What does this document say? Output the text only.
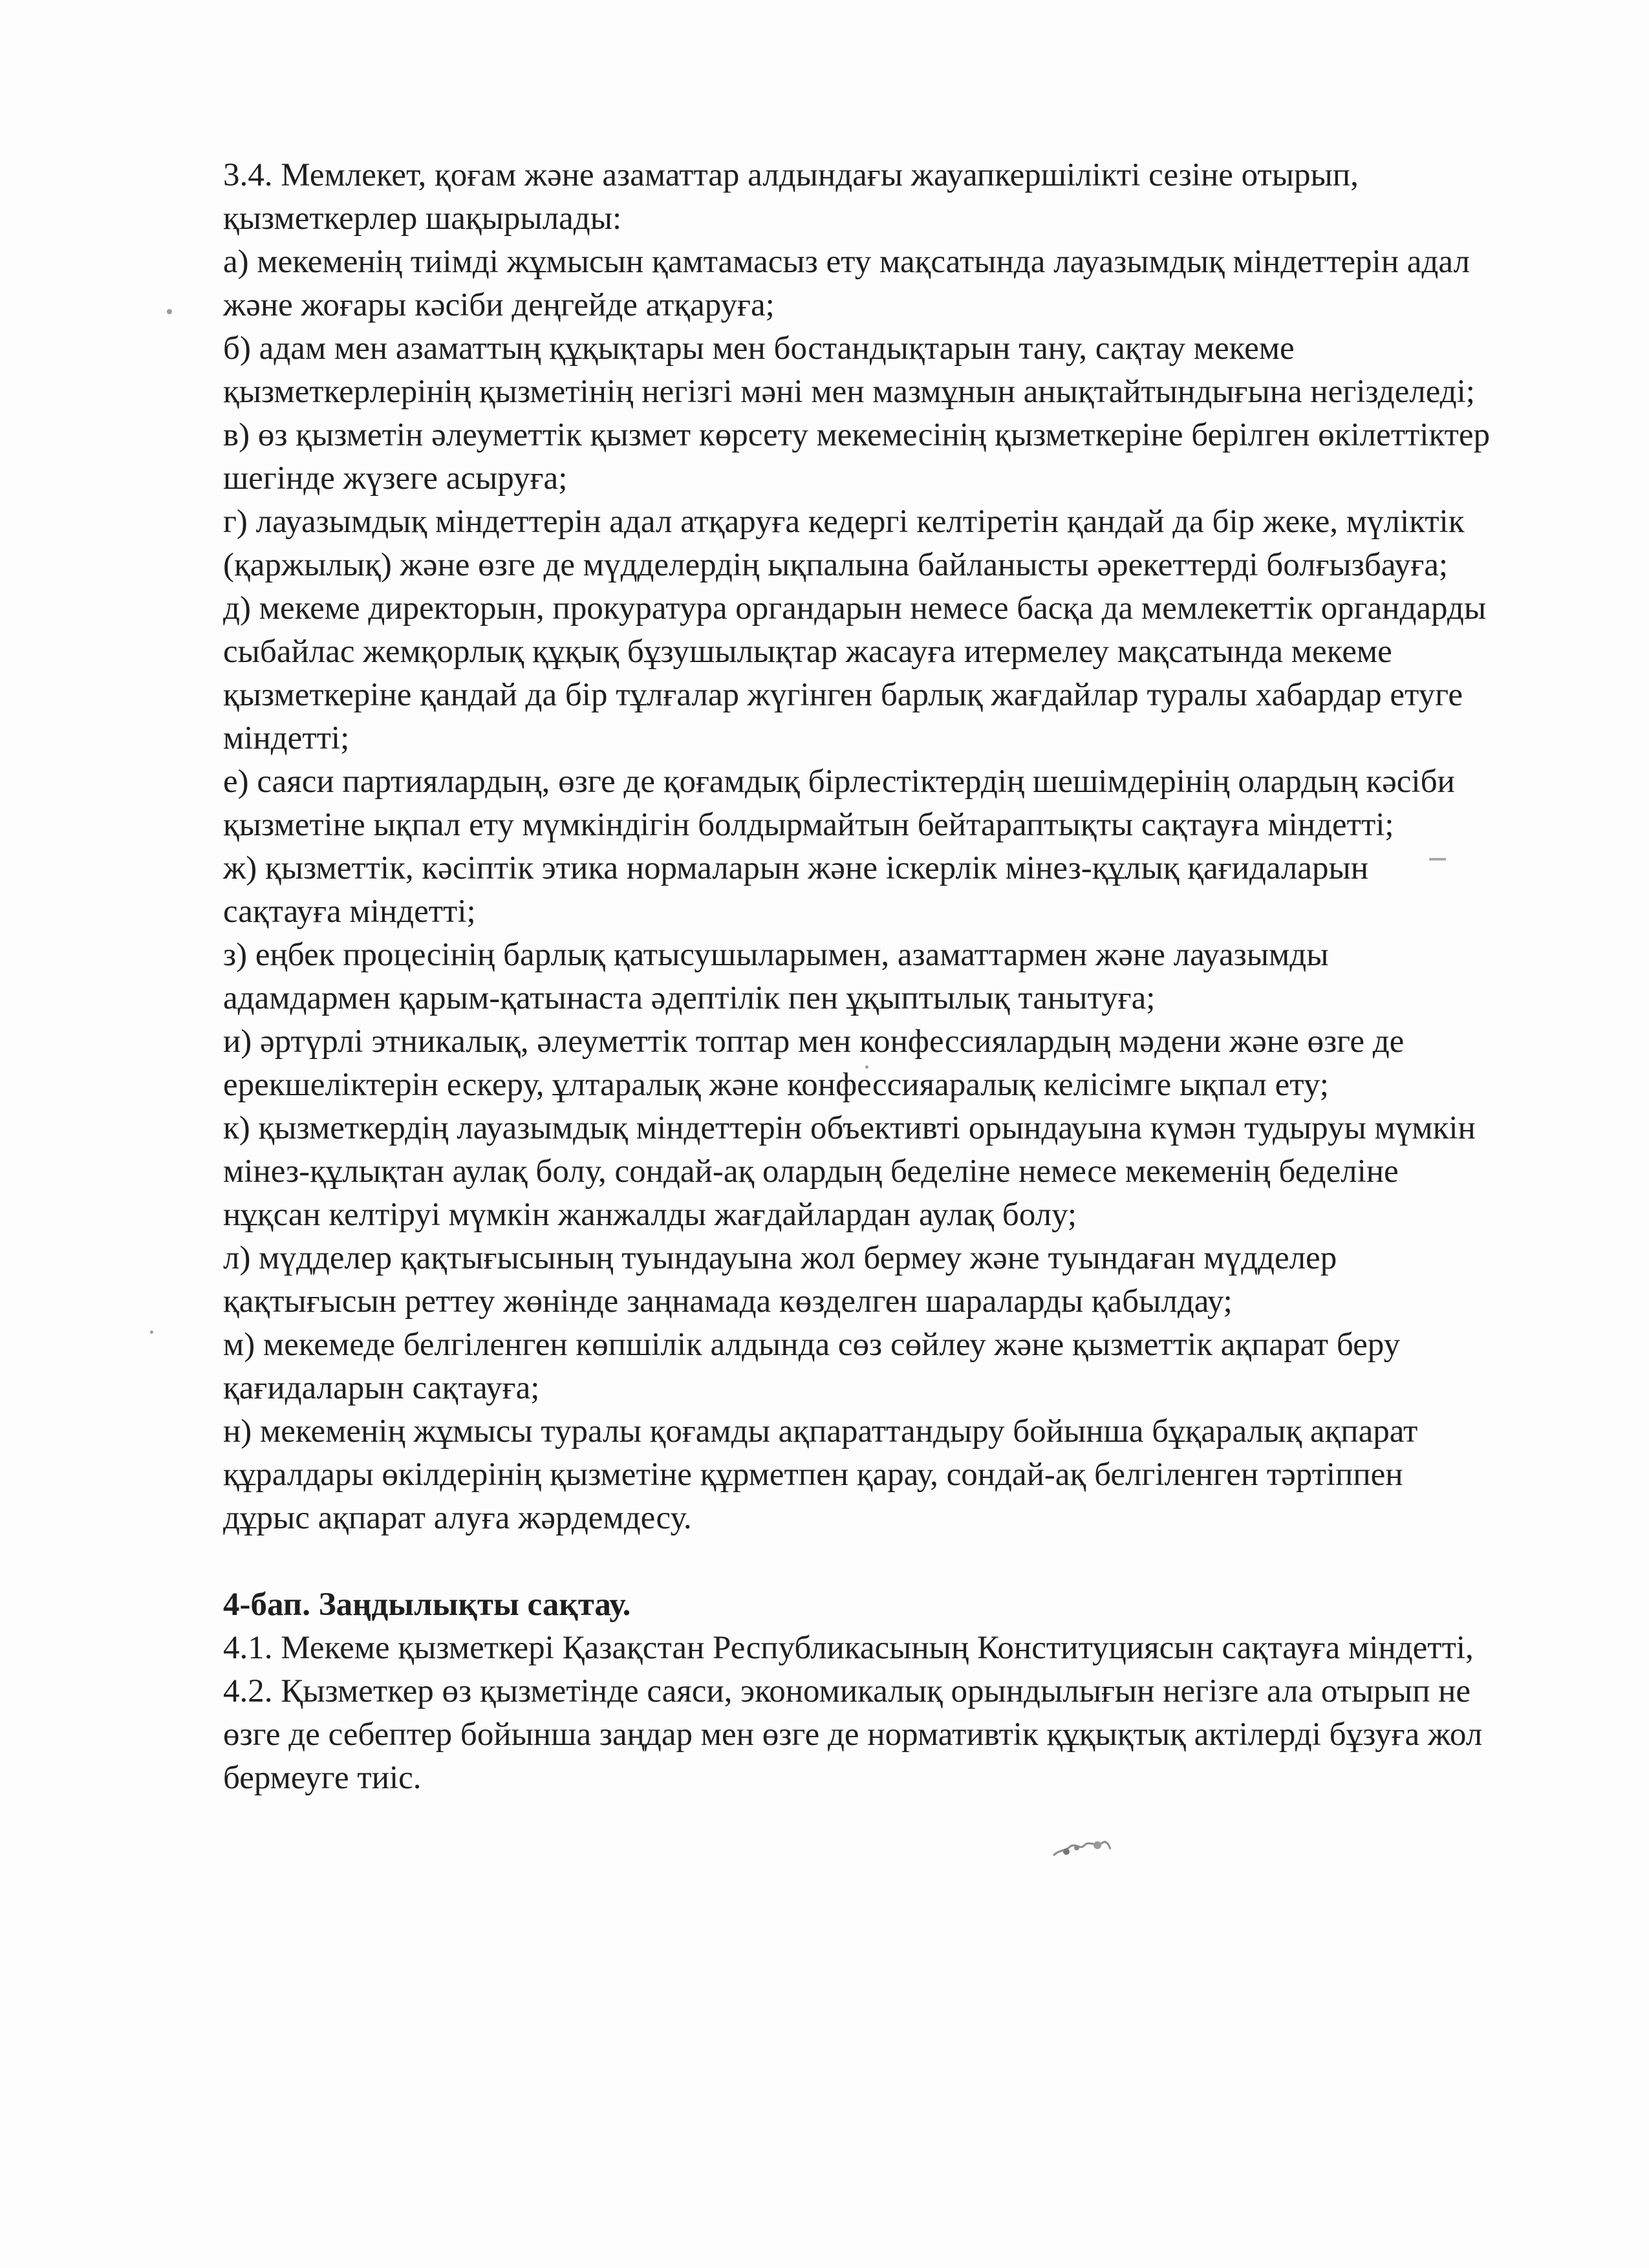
3.4. Мемлекет, қоғам және азаматтар алдындағы жауапкершілікті сезіне отырып, қызметкерлер шақырылады:

а) мекеменің тиімді жұмысын қамтамасыз ету мақсатында лауазымдық міндеттерін адал және жоғары кәсіби деңгейде атқаруға;

б) адам мен азаматтың құқықтары мен бостандықтарын тану, сақтау мекеме қызметкерлерінің қызметінің негізгі мәні мен мазмұнын анықтайтындығына негізделеді;

в) өз қызметін әлеуметтік қызмет көрсету мекемесінің қызметкеріне берілген өкілеттіктер шегінде жүзеге асыруға;

г) лауазымдық міндеттерін адал атқаруға кедергі келтіретін қандай да бір жеке, мүліктік (қаржылық) және өзге де мүдделердің ықпалына байланысты әрекеттерді болғызбауға;

д) мекеме директорын, прокуратура органдарын немесе басқа да мемлекеттік органдарды сыбайлас жемқорлық құқық бұзушылықтар жасауға итермелеу мақсатында мекеме қызметкеріне қандай да бір тұлғалар жүгінген барлық жағдайлар туралы хабардар етуге міндетті;

е) саяси партиялардың, өзге де қоғамдық бірлестіктердің шешімдерінің олардың кәсіби қызметіне ықпал ету мүмкіндігін болдырмайтын бейтараптықты сақтауға міндетті;

ж) қызметтік, кәсіптік этика нормаларын және іскерлік мінез-құлық қағидаларын сақтауға міндетті;

з) еңбек процесінің барлық қатысушыларымен, азаматтармен және лауазымды адамдармен қарым-қатынаста әдептілік пен ұқыптылық танытуға;

и) әртүрлі этникалық, әлеуметтік топтар мен конфессиялардың мәдени және өзге де ерекшеліктерін ескеру, ұлтаралық және конфессияаралық келісімге ықпал ету;

к) қызметкердің лауазымдық міндеттерін объективті орындауына күмән тудыруы мүмкін мінез-құлықтан аулақ болу, сондай-ақ олардың беделіне немесе мекеменің беделіне нұқсан келтіруі мүмкін жанжалды жағдайлардан аулақ болу;

л) мүдделер қақтығысының туындауына жол бермеу және туындаған мүдделер қақтығысын реттеу жөнінде заңнамада көзделген шараларды қабылдау;

м) мекемеде белгіленген көпшілік алдында сөз сөйлеу және қызметтік ақпарат беру қағидаларын сақтауға;

н) мекеменің жұмысы туралы қоғамды ақпараттандыру бойынша бұқаралық ақпарат құралдары өкілдерінің қызметіне құрметпен қарау, сондай-ақ белгіленген тәртіппен дұрыс ақпарат алуға жәрдемдесу.

4-бап. Заңдылықты сақтау.

4.1. Мекеме қызметкері Қазақстан Республикасының Конституциясын сақтауға міндетті,

4.2. Қызметкер өз қызметінде саяси, экономикалық орындылығын негізге ала отырып не өзге де себептер бойынша заңдар мен өзге де нормативтік құқықтық актілерді бұзуға жол бермеуге тиіс.
